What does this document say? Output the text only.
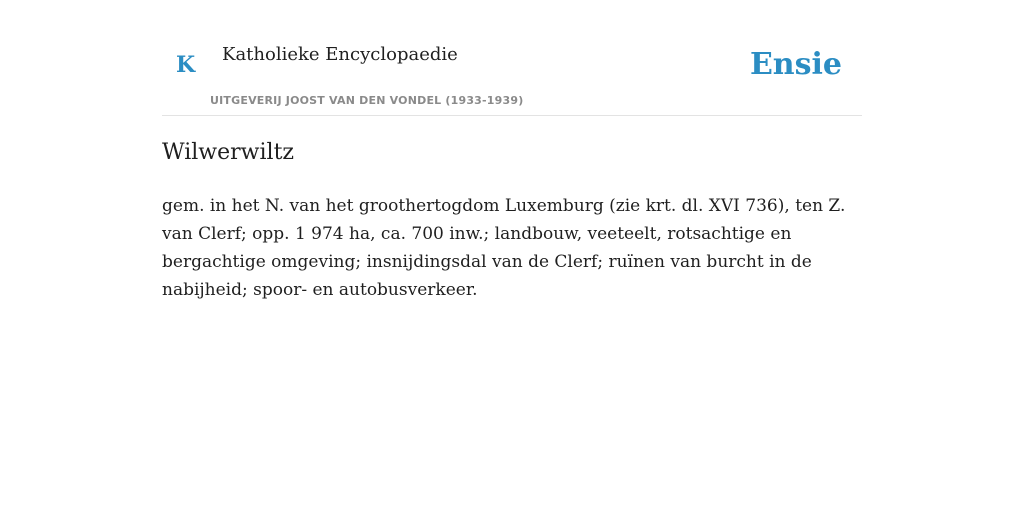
K Katholieke Encyclopaedie
UITGEVERIJ JOOST VAN DEN VONDEL (1933-1939)
Ensie
Wilwerwiltz

gem. in het N. van het groothertogdom Luxemburg (zie krt. dl. XVI 736), ten Z. van Clerf; opp. 1 974 ha, ca. 700 inw.; landbouw, veeteelt, rotsachtige en bergachtige omgeving; insnijdingsdal van de Clerf; ruïnen van burcht in de nabijheid; spoor- en autobusverkeer.
